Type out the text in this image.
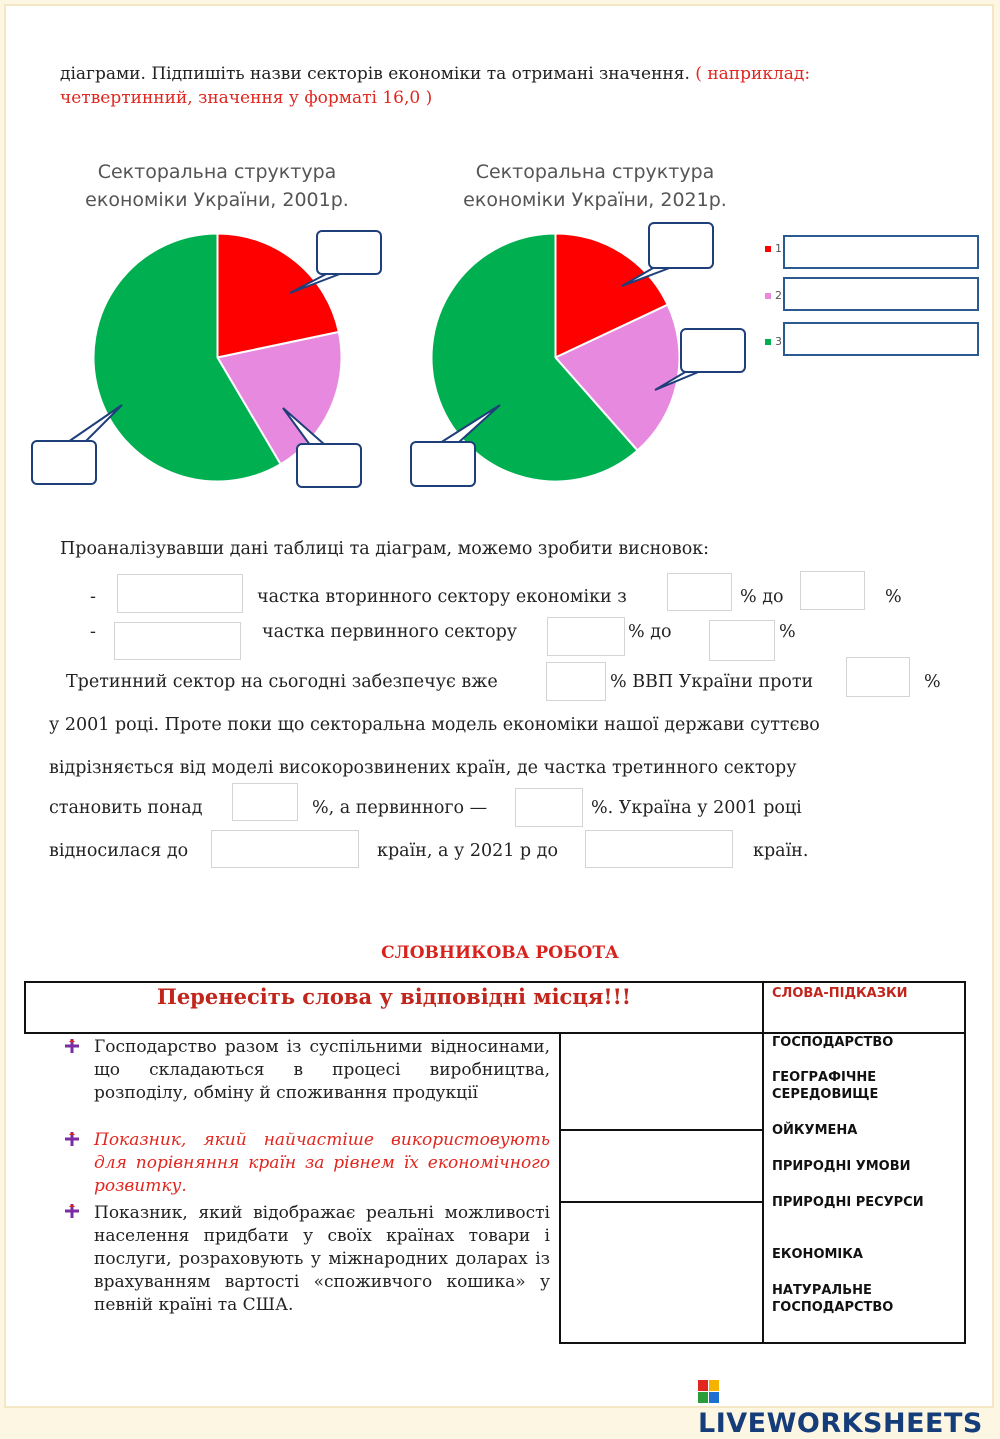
діаграми. Підпишіть назви секторів економіки та отримані значення. ( наприклад: четвертинний, значення у форматі 16,0 )
Секторальна структура
економіки України, 2001р.
Секторальна структура
економіки України, 2021р.
1
2
3
Проаналізувавши дані таблиці та діаграм, можемо зробити висновок:
-	частка вторинного сектору економіки з	% до	%
-	частка первинного сектору	% до	%
Третинний сектор на сьогодні забезпечує вже	% ВВП України проти	%
у 2001 році. Проте поки що секторальна модель економіки нашої держави суттєво
відрізняється від моделі високорозвинених країн, де частка третинного сектору
становить понад	%, а первинного —	%. Україна у 2001 році
відносилася до	країн, а у 2021 р до	країн.
СЛОВНИКОВА РОБОТА
Перенесіть слова у відповідні місця!!!	СЛОВА-ПІДКАЗКИ
Господарство разом із суспільними відносинами, що складаються в процесі виробництва, розподілу, обміну й споживання продукції
Показник, який найчастіше використовують для порівняння країн за рівнем їх економічного розвитку.
Показник, який відображає реальні можливості населення придбати у своїх країнах товари і послуги, розраховують у міжнародних доларах із врахуванням вартості «споживчого кошика» у певній країні та США.
ГОСПОДАРСТВО
ГЕОГРАФІЧНЕ СЕРЕДОВИЩЕ
ОЙКУМЕНА
ПРИРОДНІ УМОВИ
ПРИРОДНІ РЕСУРСИ
ЕКОНОМІКА
НАТУРАЛЬНЕ ГОСПОДАРСТВО
LIVEWORKSHEETS
